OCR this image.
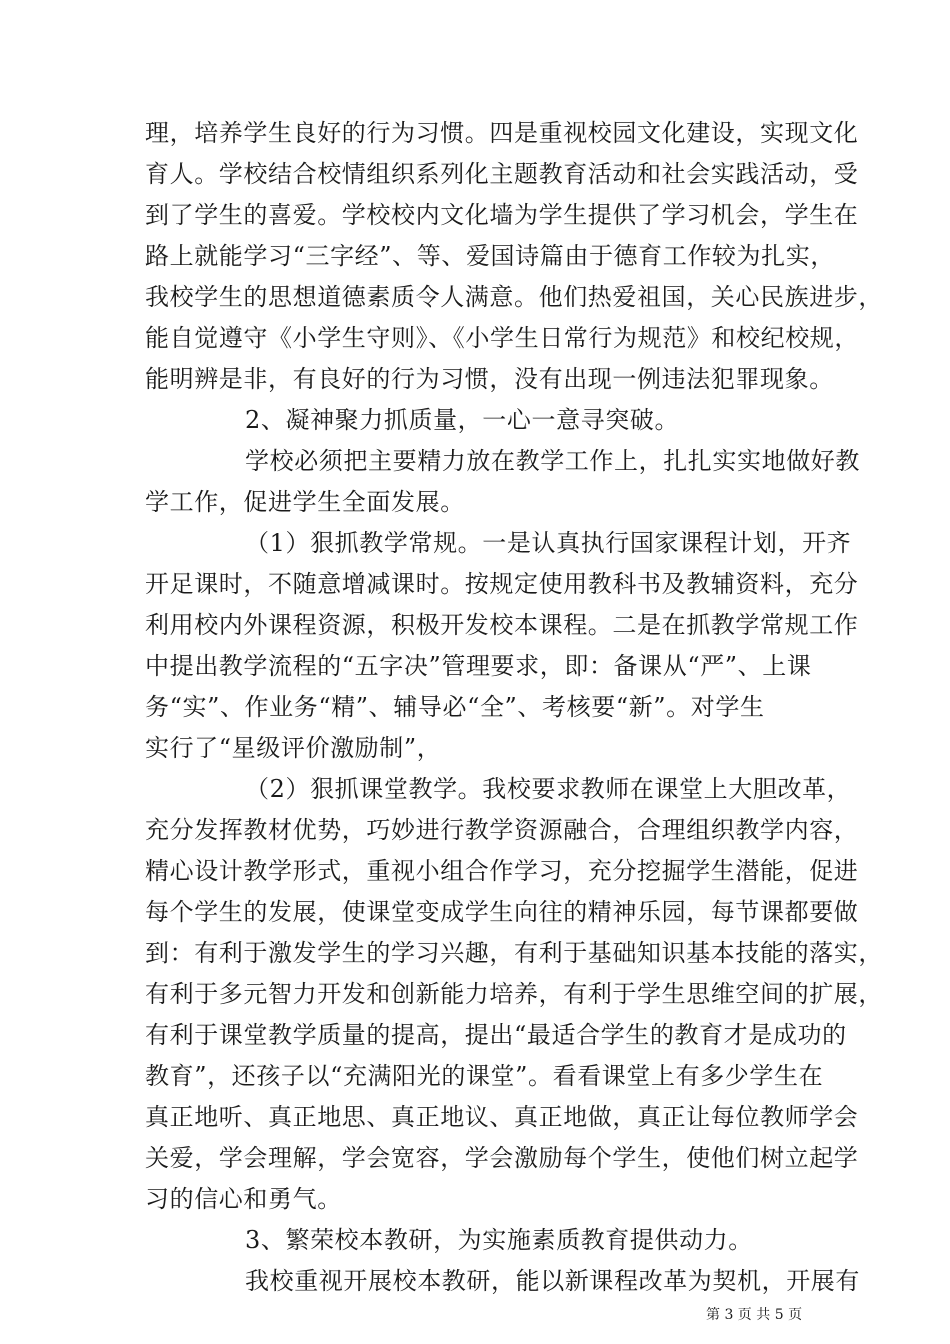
理，培养学生良好的行为习惯。四是重视校园文化建设，实现文化
育人。学校结合校情组织系列化主题教育活动和社会实践活动，受
到了学生的喜爱。学校校内文化墙为学生提供了学习机会，学生在
路上就能学习“三字经”、等、爱国诗篇由于德育工作较为扎实，
我校学生的思想道德素质令人满意。他们热爱祖国，关心民族进步，
能自觉遵守《小学生守则》、《小学生日常行为规范》和校纪校规，
能明辨是非，有良好的行为习惯，没有出现一例违法犯罪现象。
2、凝神聚力抓质量，一心一意寻突破。
学校必须把主要精力放在教学工作上，扎扎实实地做好教
学工作，促进学生全面发展。
（1）狠抓教学常规。一是认真执行国家课程计划，开齐
开足课时，不随意增减课时。按规定使用教科书及教辅资料，充分
利用校内外课程资源，积极开发校本课程。二是在抓教学常规工作
中提出教学流程的“五字决”管理要求，即：备课从“严”、上课
务“实”、作业务“精”、辅导必“全”、考核要“新”。对学生
实行了“星级评价激励制”，
（2）狠抓课堂教学。我校要求教师在课堂上大胆改革，
充分发挥教材优势，巧妙进行教学资源融合，合理组织教学内容，
精心设计教学形式，重视小组合作学习，充分挖掘学生潜能，促进
每个学生的发展，使课堂变成学生向往的精神乐园，每节课都要做
到：有利于激发学生的学习兴趣，有利于基础知识基本技能的落实，
有利于多元智力开发和创新能力培养，有利于学生思维空间的扩展，
有利于课堂教学质量的提高，提出“最适合学生的教育才是成功的
教育”，还孩子以“充满阳光的课堂”。看看课堂上有多少学生在
真正地听、真正地思、真正地议、真正地做，真正让每位教师学会
关爱，学会理解，学会宽容，学会激励每个学生，使他们树立起学
习的信心和勇气。
3、繁荣校本教研，为实施素质教育提供动力。
我校重视开展校本教研，能以新课程改革为契机，开展有
第 3 页 共 5 页
